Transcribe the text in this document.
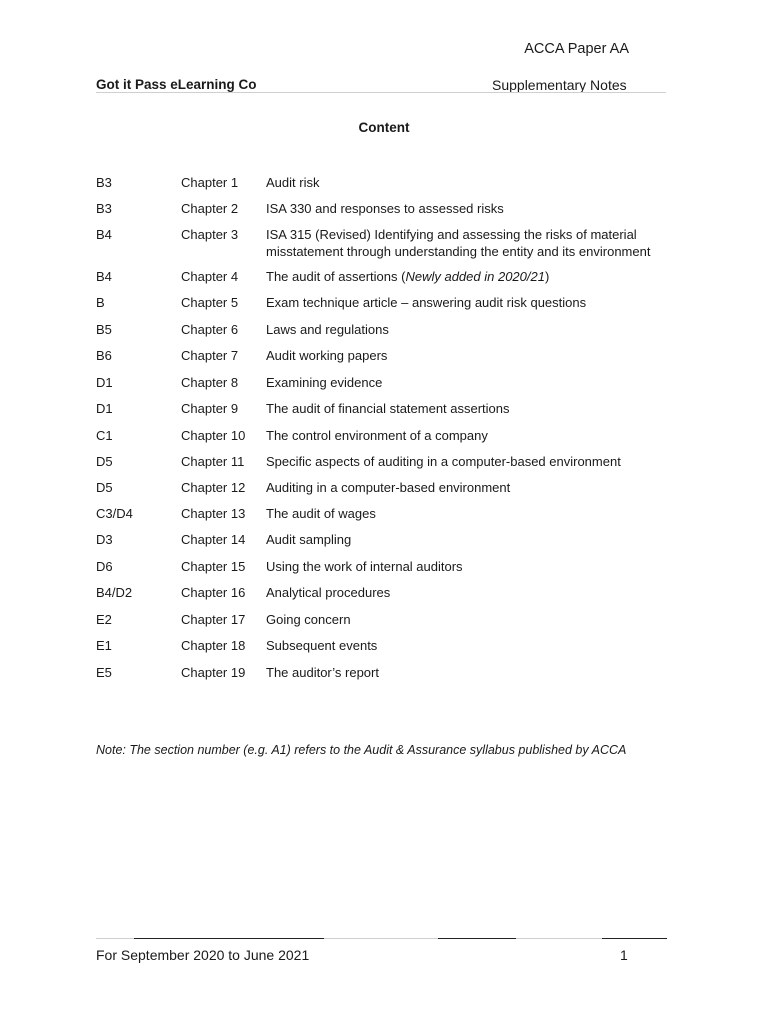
ACCA Paper AA
Got it Pass eLearning Co	Supplementary Notes
Content
B3	Chapter 1 Audit risk
B3	Chapter 2 ISA 330 and responses to assessed risks
B4	Chapter 3 ISA 315 (Revised) Identifying and assessing the risks of material misstatement through understanding the entity and its environment
B4	Chapter 4 The audit of assertions (Newly added in 2020/21)
B	Chapter 5 Exam technique article – answering audit risk questions
B5	Chapter 6 Laws and regulations
B6	Chapter 7 Audit working papers
D1	Chapter 8 Examining evidence
D1	Chapter 9 The audit of financial statement assertions
C1	Chapter 10 The control environment of a company
D5	Chapter 11 Specific aspects of auditing in a computer-based environment
D5	Chapter 12 Auditing in a computer-based environment
C3/D4	Chapter 13 The audit of wages
D3	Chapter 14 Audit sampling
D6	Chapter 15 Using the work of internal auditors
B4/D2	Chapter 16 Analytical procedures
E2	Chapter 17 Going concern
E1	Chapter 18 Subsequent events
E5	Chapter 19 The auditor’s report
Note: The section number (e.g. A1) refers to the Audit & Assurance syllabus published by ACCA
For September 2020 to June 2021	1
